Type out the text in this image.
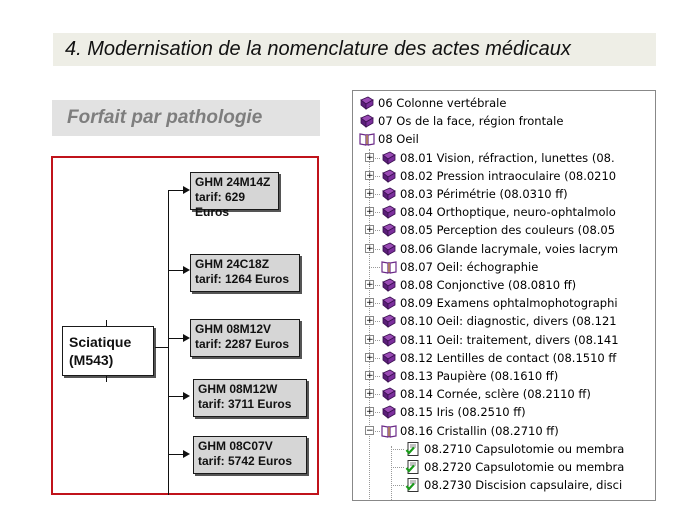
4. Modernisation de la nomenclature des actes médicaux
Forfait par pathologie
Sciatique
(M543)
GHM 24M14Z
tarif: 629 Euros
GHM 24C18Z
tarif: 1264 Euros
GHM 08M12V
tarif: 2287 Euros
GHM 08M12W
tarif: 3711 Euros
GHM 08C07V
tarif: 5742 Euros
06 Colonne vertébrale
07 Os de la face, région frontale
08 Oeil
+ 08.01 Vision, réfraction, lunettes (08.
+ 08.02 Pression intraoculaire (08.0210
+ 08.03 Périmétrie (08.0310 ff)
+ 08.04 Orthoptique, neuro-ophtalmolo
+ 08.05 Perception des couleurs (08.05
+ 08.06 Glande lacrymale, voies lacrym
08.07 Oeil: échographie
+ 08.08 Conjonctive (08.0810 ff)
+ 08.09 Examens ophtalmophotographi
+ 08.10 Oeil: diagnostic, divers (08.121
+ 08.11 Oeil: traitement, divers (08.141
+ 08.12 Lentilles de contact (08.1510 ff
+ 08.13 Paupière (08.1610 ff)
+ 08.14 Cornée, sclère (08.2110 ff)
+ 08.15 Iris (08.2510 ff)
− 08.16 Cristallin (08.2710 ff)
08.2710 Capsulotomie ou membra
08.2720 Capsulotomie ou membra
08.2730 Discision capsulaire, disci
